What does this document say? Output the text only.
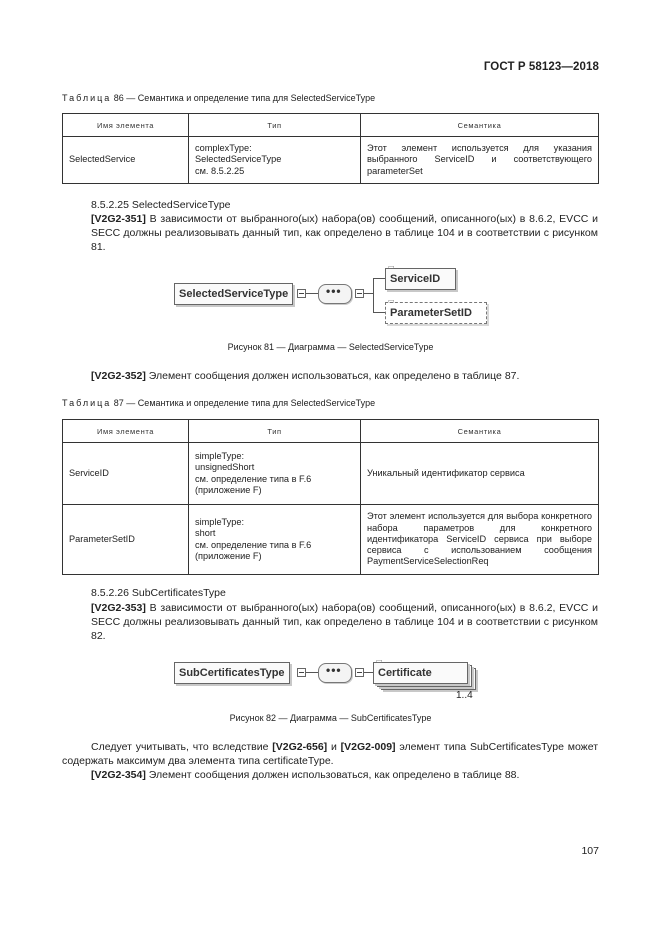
ГОСТ Р 58123—2018
Таблица 86 — Семантика и определение типа для SelectedServiceType
Имя элемента	Тип	Семантика
SelectedService	complexType:
SelectedServiceType
см. 8.5.2.25	Этот элемент используется для указания выбранного ServiceID и соответствующего parameterSet
8.5.2.25 SelectedServiceType
[V2G2-351] В зависимости от выбранного(ых) набора(ов) сообщений, описанного(ых) в 8.6.2, EVCC и SECC должны реализовывать данный тип, как определено в таблице 104 и в соответствии с рисунком 81.
SelectedServiceType	•••
ServiceID
▭
ParameterSetID
▭
Рисунок 81 — Диаграмма — SelectedServiceType
[V2G2-352] Элемент сообщения должен использоваться, как определено в таблице 87.
Таблица 87 — Семантика и определение типа для SelectedServiceType
Имя элемента	Тип	Семантика
ServiceID	simpleType:
unsignedShort
см. определение типа в F.6
(приложение F)	Уникальный идентификатор сервиса
ParameterSetID	simpleType:
short
см. определение типа в F.6
(приложение F)	Этот элемент используется для выбора конкретного набора параметров для конкретного идентификатора ServiceID сервиса при выборе сервиса с использованием сообщения PaymentServiceSelectionReq
8.5.2.26 SubCertificatesType
[V2G2-353] В зависимости от выбранного(ых) набора(ов) сообщений, описанного(ых) в 8.6.2, EVCC и SECC должны реализовывать данный тип, как определено в таблице 104 и в соответствии с рисунком 82.
SubCertificatesType	•••	Certificate
▭
1..4
Рисунок 82 — Диаграмма — SubCertificatesType
Следует учитывать, что вследствие [V2G2-656] и [V2G2-009] элемент типа SubCertificatesType может содержать максимум два элемента типа certificateType.
[V2G2-354] Элемент сообщения должен использоваться, как определено в таблице 88.
107
